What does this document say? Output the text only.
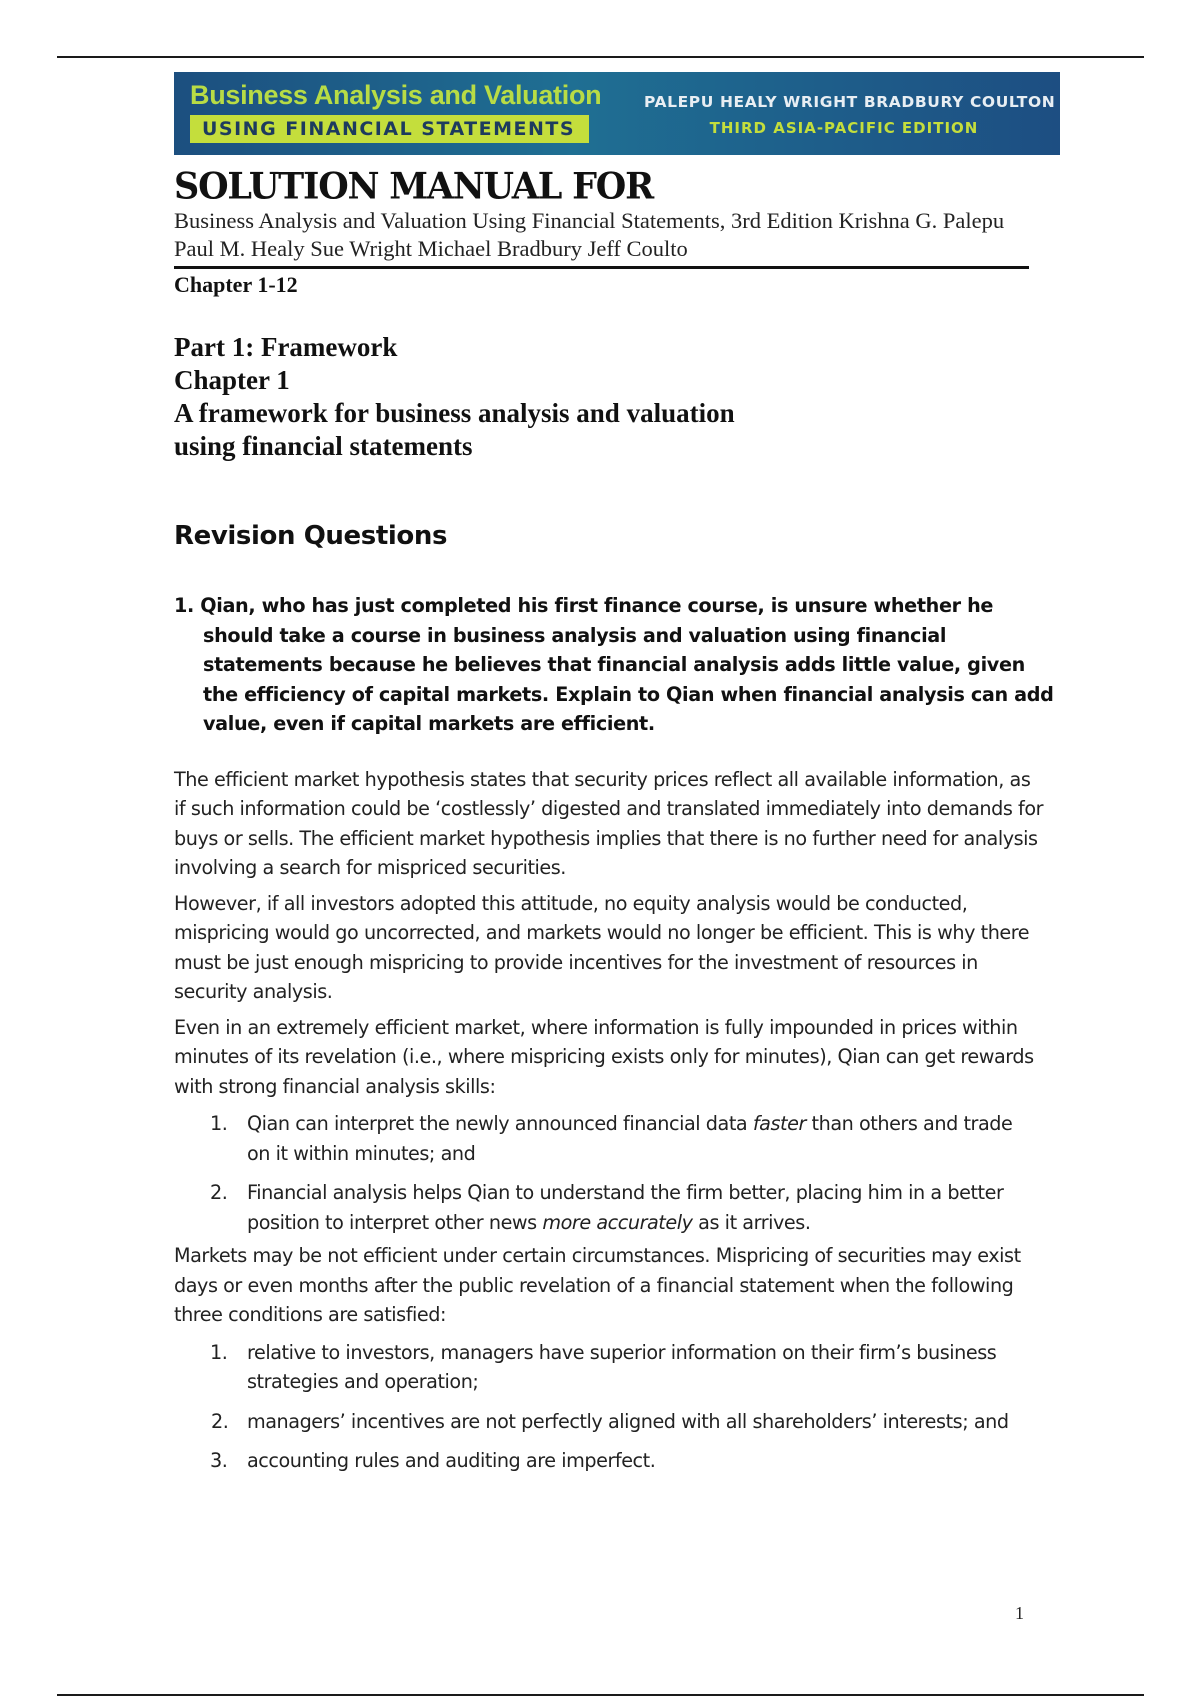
Business Analysis and Valuation
USING FINANCIAL STATEMENTS
PALEPU HEALY WRIGHT BRADBURY COULTON
THIRD ASIA-PACIFIC EDITION
SOLUTION MANUAL FOR
Business Analysis and Valuation Using Financial Statements, 3rd Edition Krishna G. Palepu Paul M. Healy Sue Wright Michael Bradbury Jeff Coulto
Chapter 1-12
Part 1: Framework
Chapter 1
A framework for business analysis and valuation
using financial statements
Revision Questions
1. Qian, who has just completed his first finance course, is unsure whether he should take a course in business analysis and valuation using financial statements because he believes that financial analysis adds little value, given the efficiency of capital markets. Explain to Qian when financial analysis can add value, even if capital markets are efficient.
The efficient market hypothesis states that security prices reflect all available information, as if such information could be ‘costlessly’ digested and translated immediately into demands for buys or sells. The efficient market hypothesis implies that there is no further need for analysis involving a search for mispriced securities.
However, if all investors adopted this attitude, no equity analysis would be conducted, mispricing would go uncorrected, and markets would no longer be efficient. This is why there must be just enough mispricing to provide incentives for the investment of resources in security analysis.
Even in an extremely efficient market, where information is fully impounded in prices within minutes of its revelation (i.e., where mispricing exists only for minutes), Qian can get rewards with strong financial analysis skills:
1. Qian can interpret the newly announced financial data faster than others and trade on it within minutes; and
2. Financial analysis helps Qian to understand the firm better, placing him in a better position to interpret other news more accurately as it arrives.
Markets may be not efficient under certain circumstances. Mispricing of securities may exist days or even months after the public revelation of a financial statement when the following three conditions are satisfied:
1. relative to investors, managers have superior information on their firm’s business strategies and operation;
2. managers’ incentives are not perfectly aligned with all shareholders’ interests; and
3. accounting rules and auditing are imperfect.
1
